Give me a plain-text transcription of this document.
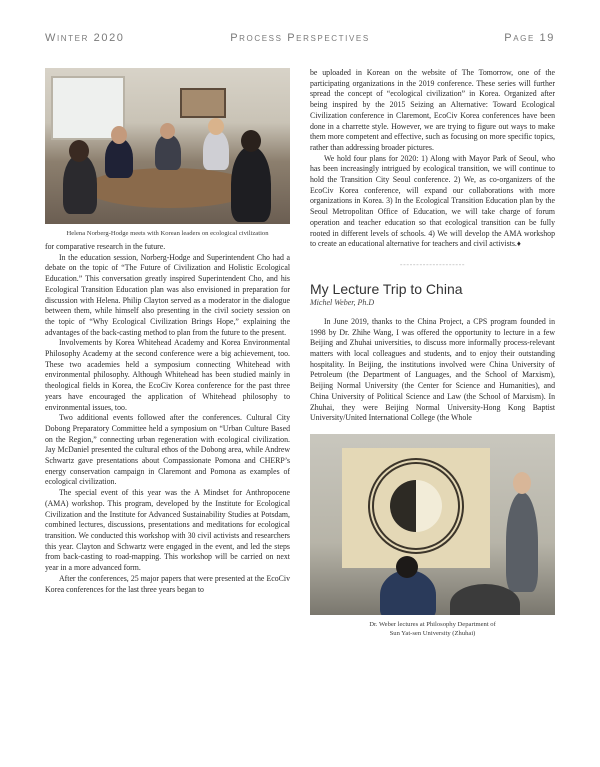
Winter 2020	Process Perspectives	Page 19
Helena Norberg-Hodge meets with Korean leaders on ecological civilization

for comparative research in the future.

In the education session, Norberg-Hodge and Superintendent Cho had a debate on the topic of “The Future of Civilization and Holistic Ecological Education.” This conversation greatly inspired Superintendent Cho, and his Ecological Transition Education plan was also envisioned in preparation for discussion with Helena. Philip Clayton served as a moderator in the dialogue between them, while himself also presenting in the civil society session on the topic of “Why Ecological Civilization Brings Hope,” explaining the advantages of the back-casting method to plan from the future to the present.

Involvements by Korea Whitehead Academy and Korea Environmental Philosophy Academy at the second conference were a big achievement, too. These two academies held a symposium connecting Whitehead with environmental philosophy. Although Whitehead has been studied mainly in theological fields in Korea, the EcoCiv Korea conference for the past three years have encouraged the application of Whitehead philosophy to environmental issues, too.

Two additional events followed after the conferences. Cultural City Dobong Preparatory Committee held a symposium on “Urban Culture Based on the Region,” connecting urban regeneration with ecological civilization. Jay McDaniel presented the cultural ethos of the Dobong area, while Andrew Schwartz gave presentations about Compassionate Pomona and CHERP’s energy conservation campaign in Claremont and Pomona as examples of ecological civilization.

The special event of this year was the A Mindset for Anthropocene (AMA) workshop. This program, developed by the Institute for Ecological Civilization and the Institute for Advanced Sustainability Studies at Potsdam, combined lectures, discussions, presentations and meditations for ecological transition. We conducted this workshop with 30 civil activists and researchers this year. Clayton and Schwartz were engaged in the event, and led the steps from back-casting to road-mapping. This workshop will be carried on next year in a more advanced form.

After the conferences, 25 major papers that were presented at the EcoCiv Korea conferences for the last three years began to

be uploaded in Korean on the website of The Tomorrow, one of the participating organizations in the 2019 conference. These series will further spread the concept of “ecological civilization” in Korea. Organized after being inspired by the 2015 Seizing an Alternative: Toward Ecological Civilization conference in Claremont, EcoCiv Korea conferences have been done in a charrette style. However, we are trying to figure out ways to make them more competent and effective, such as focusing on more specific topics, rather than addressing broader pictures.

We hold four plans for 2020: 1) Along with Mayor Park of Seoul, who has been increasingly intrigued by ecological transition, we will continue to hold the Transition City Seoul conference. 2) We, as co-organizers of the EcoCiv Korea conference, will expand our collaborations with more organizations in Korea. 3) In the Ecological Transition Education plan by the Seoul Metropolitan Office of Education, we will take charge of forum operation and teacher education so that ecological transition can be fully rooted in different levels of schools. 4) We will develop the AMA workshop to create an educational alternative for teachers and civil activists.♦

--------------------
My Lecture Trip to China
Michel Weber, Ph.D

In June 2019, thanks to the China Project, a CPS program founded in 1998 by Dr. Zhihe Wang, I was offered the opportunity to lecture in a few Beijing and Zhuhai universities, to discuss more informally process-relevant matters with local colleagues and students, and to enjoy their outstanding hospitality. In Beijing, the institutions involved were China University of Petroleum (the Department of Languages, and the School of Marxism), Beijing Normal University (the Center for Science and Humanities), and China University of Political Science and Law (the School of Marxism). In Zhuhai, they were Beijing Normal University-Hong Kong Baptist University/United International College (the Whole

Dr. Weber lectures at Philosophy Department of
Sun Yat-sen University (Zhuhai)
